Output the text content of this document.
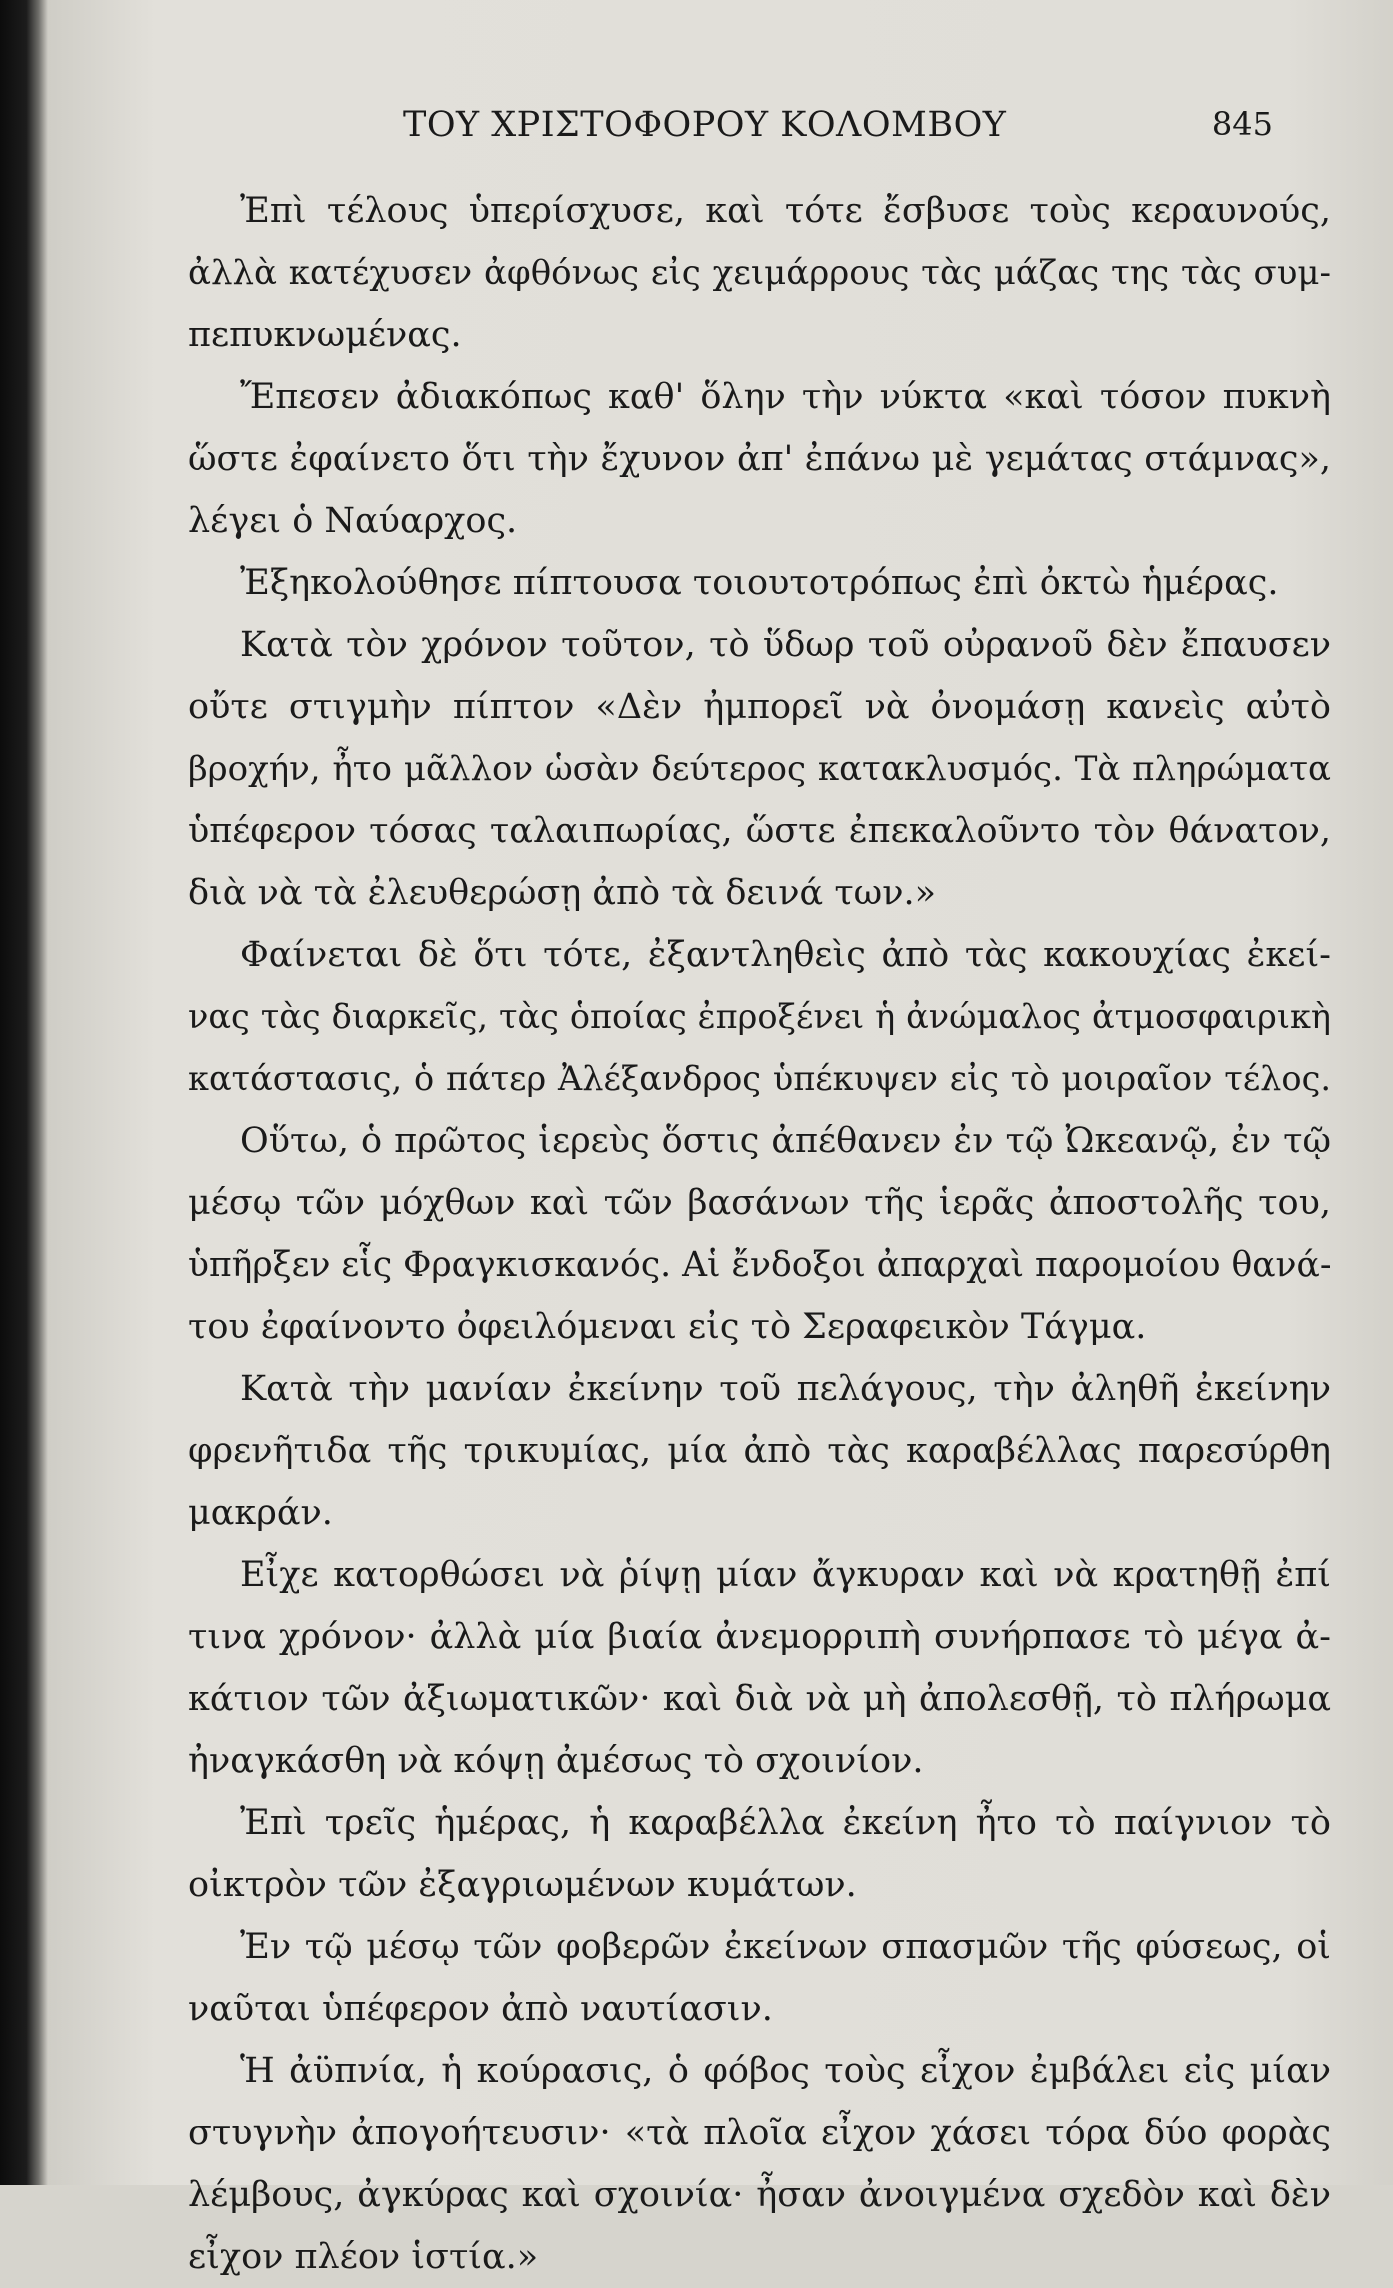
ΤΟΥ ΧΡΙΣΤΟΦΟΡΟΥ ΚΟΛΟΜΒΟΥ	845
Ἐπὶ τέλους ὑπερίσχυσε, καὶ τότε ἔσβυσε τοὺς κεραυνούς,
ἀλλὰ κατέχυσεν ἀφθόνως εἰς χειμάρρους τὰς μάζας της τὰς συμ-
πεπυκνωμένας.
Ἔπεσεν ἀδιακόπως καθ' ὅλην τὴν νύκτα «καὶ τόσον πυκνὴ
ὥστε ἐφαίνετο ὅτι τὴν ἔχυνον ἀπ' ἐπάνω μὲ γεμάτας στάμνας»,
λέγει ὁ Ναύαρχος.
Ἐξηκολούθησε πίπτουσα τοιουτοτρόπως ἐπὶ ὀκτὼ ἡμέρας.
Κατὰ τὸν χρόνον τοῦτον, τὸ ὕδωρ τοῦ οὐρανοῦ δὲν ἔπαυσεν
οὔτε στιγμὴν πίπτον «Δὲν ἠμπορεῖ νὰ ὀνομάσῃ κανεὶς αὐτὸ
βροχήν, ἦτο μᾶλλον ὡσὰν δεύτερος κατακλυσμός. Τὰ πληρώματα
ὑπέφερον τόσας ταλαιπωρίας, ὥστε ἐπεκαλοῦντο τὸν θάνατον,
διὰ νὰ τὰ ἐλευθερώσῃ ἀπὸ τὰ δεινά των.»
Φαίνεται δὲ ὅτι τότε, ἐξαντληθεὶς ἀπὸ τὰς κακουχίας ἐκεί-
νας τὰς διαρκεῖς, τὰς ὁποίας ἐπροξένει ἡ ἀνώμαλος ἀτμοσφαιρικὴ
κατάστασις, ὁ πάτερ Ἀλέξανδρος ὑπέκυψεν εἰς τὸ μοιραῖον τέλος.
Οὕτω, ὁ πρῶτος ἱερεὺς ὅστις ἀπέθανεν ἐν τῷ Ὠκεανῷ, ἐν τῷ
μέσῳ τῶν μόχθων καὶ τῶν βασάνων τῆς ἱερᾶς ἀποστολῆς του,
ὑπῆρξεν εἷς Φραγκισκανός. Αἱ ἔνδοξοι ἀπαρχαὶ παρομοίου θανά-
του ἐφαίνοντο ὀφειλόμεναι εἰς τὸ Σεραφεικὸν Τάγμα.
Κατὰ τὴν μανίαν ἐκείνην τοῦ πελάγους, τὴν ἀληθῆ ἐκείνην
φρενῆτιδα τῆς τρικυμίας, μία ἀπὸ τὰς καραβέλλας παρεσύρθη
μακράν.
Εἶχε κατορθώσει νὰ ῥίψῃ μίαν ἄγκυραν καὶ νὰ κρατηθῇ ἐπί
τινα χρόνον· ἀλλὰ μία βιαία ἀνεμορριπὴ συνήρπασε τὸ μέγα ἀ-
κάτιον τῶν ἀξιωματικῶν· καὶ διὰ νὰ μὴ ἀπολεσθῇ, τὸ πλήρωμα
ἠναγκάσθη νὰ κόψῃ ἀμέσως τὸ σχοινίον.
Ἐπὶ τρεῖς ἡμέρας, ἡ καραβέλλα ἐκείνη ἦτο τὸ παίγνιον τὸ
οἰκτρὸν τῶν ἐξαγριωμένων κυμάτων.
Ἐν τῷ μέσῳ τῶν φοβερῶν ἐκείνων σπασμῶν τῆς φύσεως, οἱ
ναῦται ὑπέφερον ἀπὸ ναυτίασιν.
Ἡ ἀϋπνία, ἡ κούρασις, ὁ φόβος τοὺς εἶχον ἐμβάλει εἰς μίαν
στυγνὴν ἀπογοήτευσιν· «τὰ πλοῖα εἶχον χάσει τόρα δύο φορὰς
λέμβους, ἀγκύρας καὶ σχοινία· ἦσαν ἀνοιγμένα σχεδὸν καὶ δὲν
εἶχον πλέον ἱστία.»
